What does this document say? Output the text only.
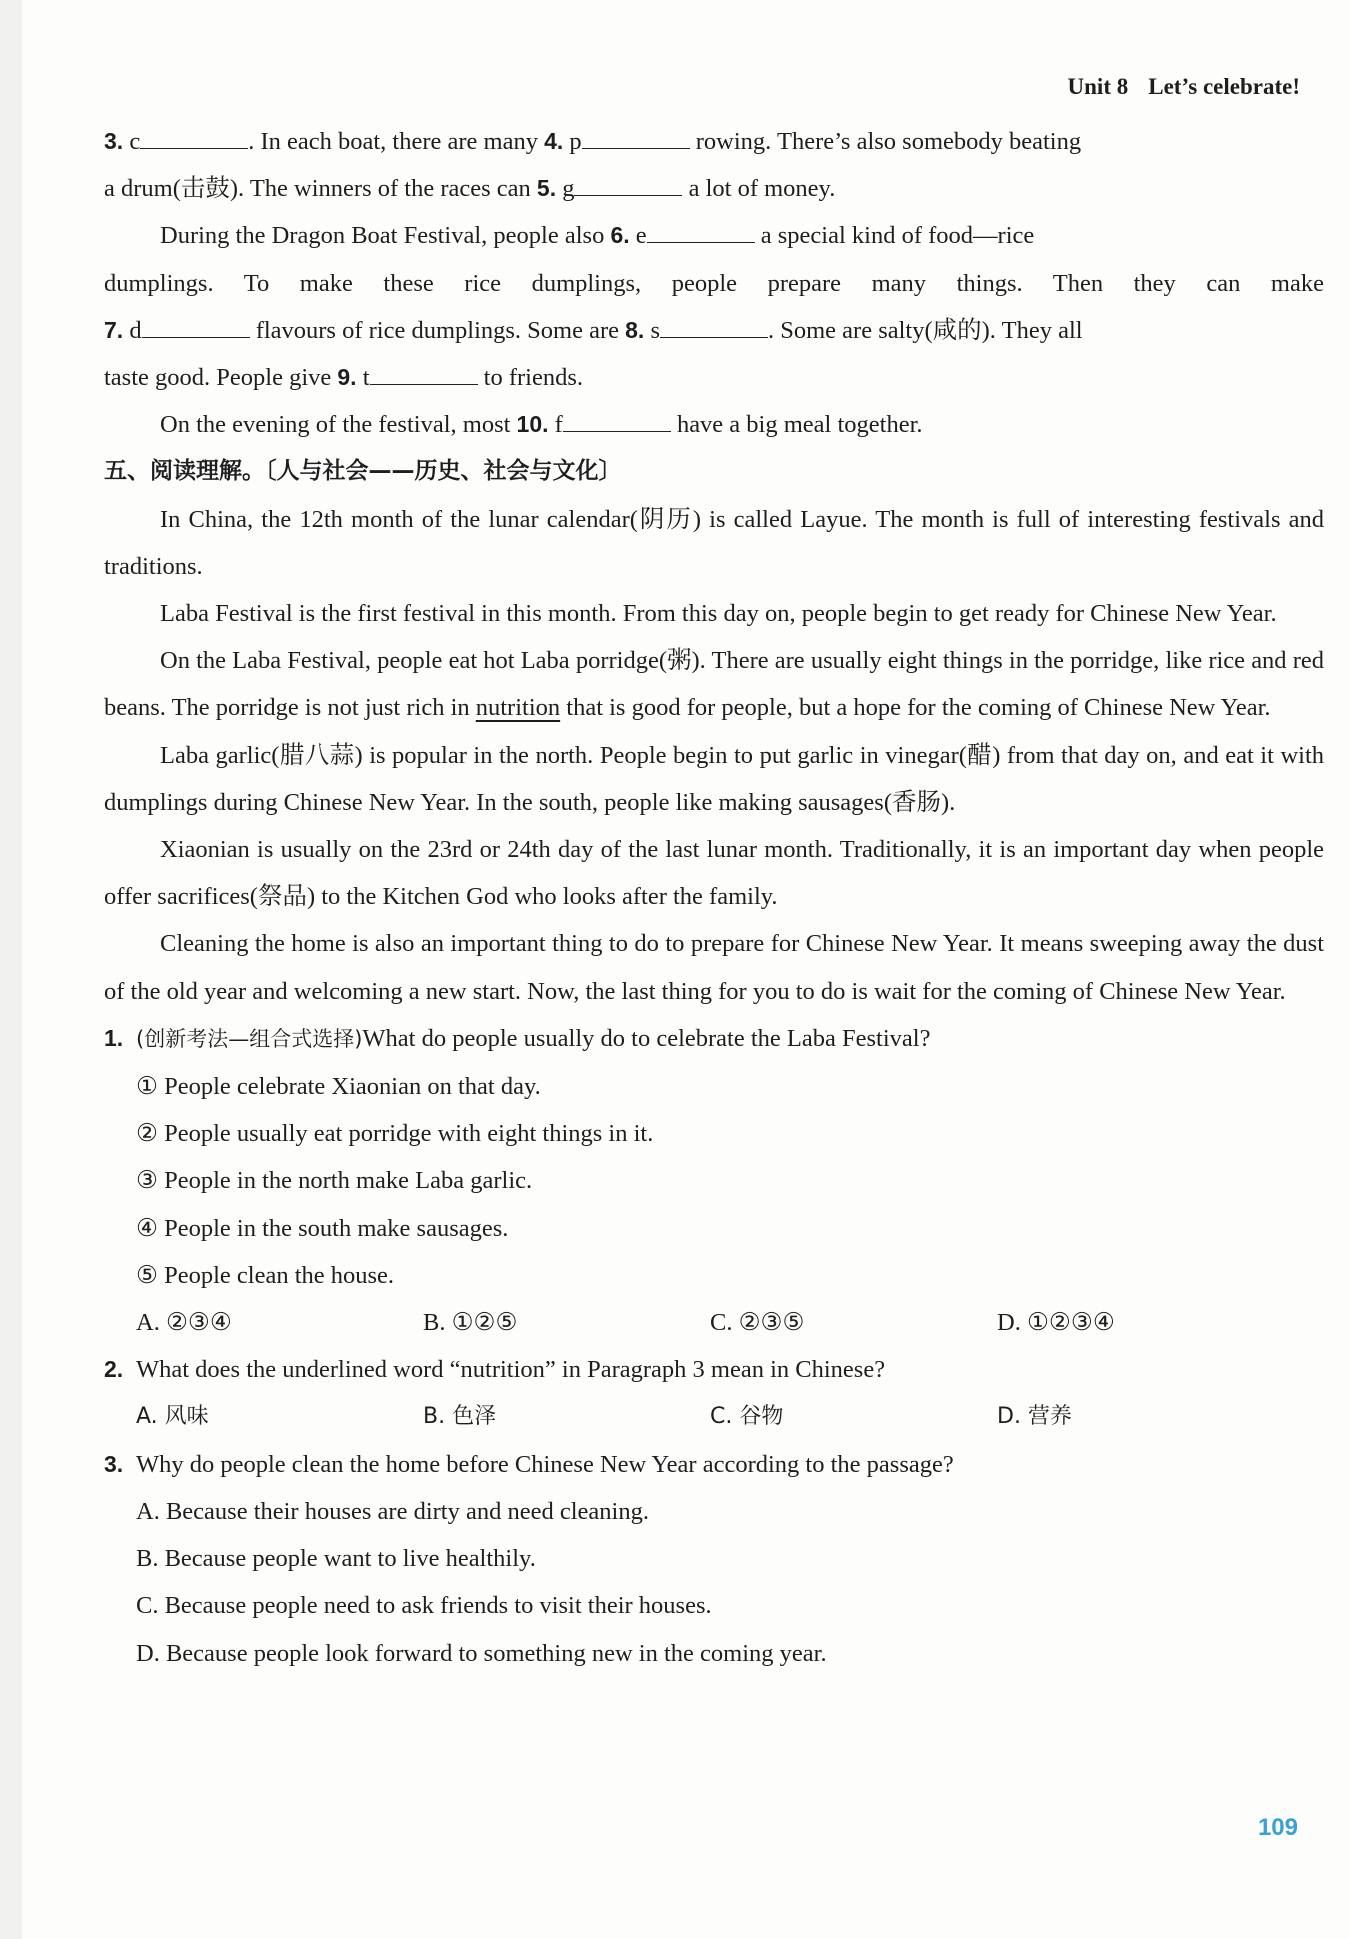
Unit 8 Let’s celebrate!

3. c	. In each boat, there are many 4. p	rowing. There’s also somebody beating

a drum(击鼓). The winners of the races can 5. g	a lot of money.

During the Dragon Boat Festival, people also 6. e	a special kind of food—rice

dumplings. To make these rice dumplings, people prepare many things. Then they can make

7. d	flavours of rice dumplings. Some are 8. s	. Some are salty(咸的). They all

taste good. People give 9. t	to friends.

On the evening of the festival, most 10. f	have a big meal together.

五、阅读理解。〔人与社会——历史、社会与文化〕

In China, the 12th month of the lunar calendar(阴历) is called Layue. The month is full of interesting festivals and traditions.

Laba Festival is the first festival in this month. From this day on, people begin to get ready for Chinese New Year.

On the Laba Festival, people eat hot Laba porridge(粥). There are usually eight things in the porridge, like rice and red beans. The porridge is not just rich in nutrition that is good for people, but a hope for the coming of Chinese New Year.

Laba garlic(腊八蒜) is popular in the north. People begin to put garlic in vinegar(醋) from that day on, and eat it with dumplings during Chinese New Year. In the south, people like making sausages(香肠).

Xiaonian is usually on the 23rd or 24th day of the last lunar month. Traditionally, it is an important day when people offer sacrifices(祭品) to the Kitchen God who looks after the family.

Cleaning the home is also an important thing to do to prepare for Chinese New Year. It means sweeping away the dust of the old year and welcoming a new start. Now, the last thing for you to do is wait for the coming of Chinese New Year.

1. (创新考法—组合式选择)What do people usually do to celebrate the Laba Festival?

① People celebrate Xiaonian on that day.

② People usually eat porridge with eight things in it.

③ People in the north make Laba garlic.

④ People in the south make sausages.

⑤ People clean the house.

A. ②③④	B. ①②⑤	C. ②③⑤	D. ①②③④

2. What does the underlined word “nutrition” in Paragraph 3 mean in Chinese?

A. 风味	B. 色泽	C. 谷物	D. 营养

3. Why do people clean the home before Chinese New Year according to the passage?

A. Because their houses are dirty and need cleaning.

B. Because people want to live healthily.

C. Because people need to ask friends to visit their houses.

D. Because people look forward to something new in the coming year.

109
